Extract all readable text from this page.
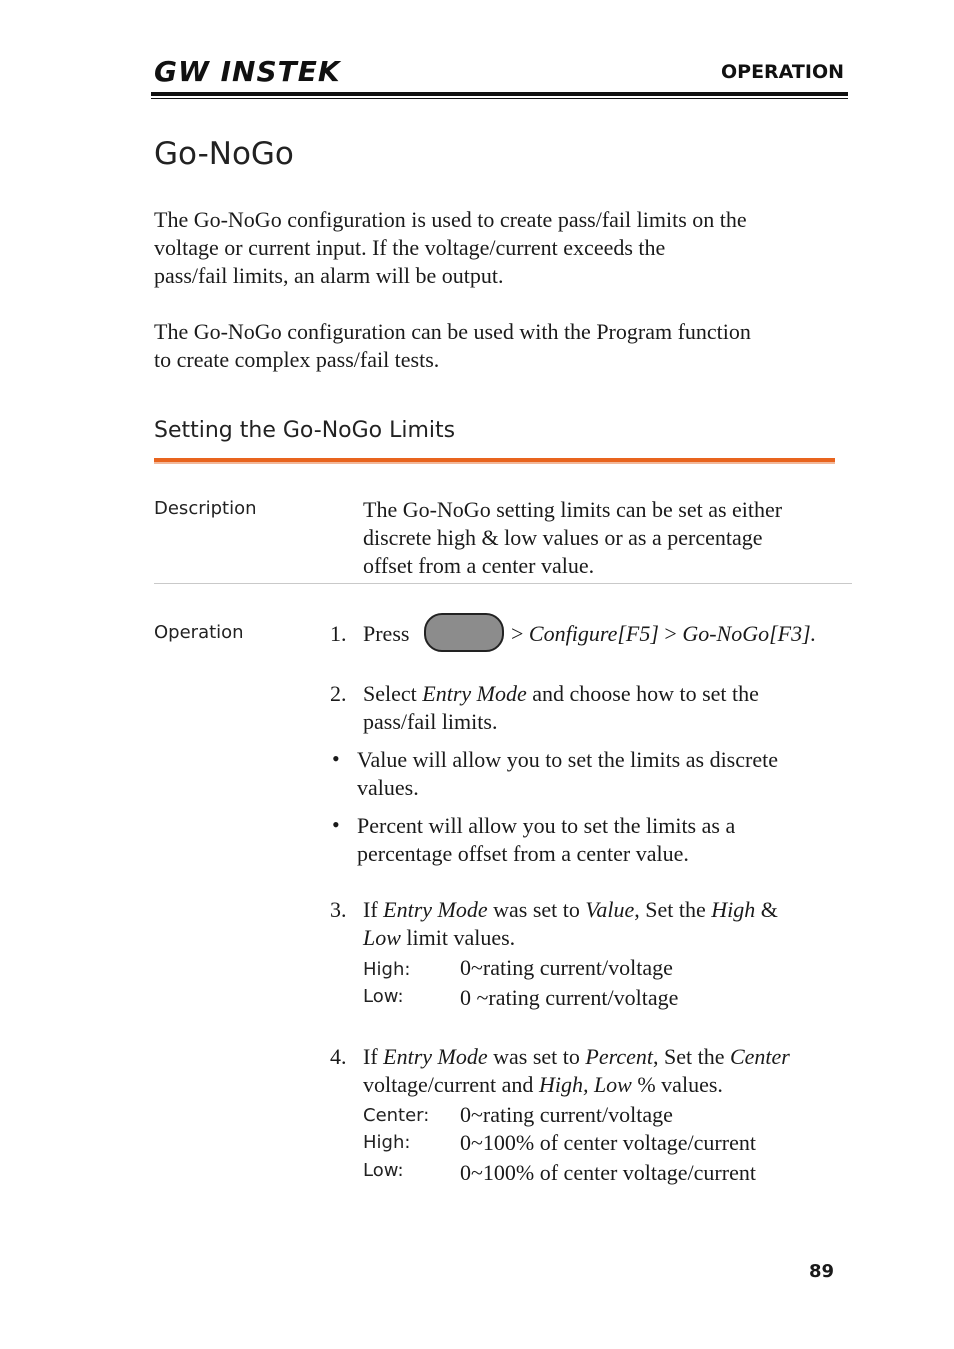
GW INSTEK	OPERATION
Go-NoGo
The Go-NoGo configuration is used to create pass/fail limits on the
voltage or current input. If the voltage/current exceeds the
pass/fail limits, an alarm will be output.
The Go-NoGo configuration can be used with the Program function
to create complex pass/fail tests.
Setting the Go-NoGo Limits
Description	The Go-NoGo setting limits can be set as either
discrete high & low values or as a percentage
offset from a center value.
Operation	1. Press	> Configure[F5] > Go-NoGo[F3].
2. Select Entry Mode and choose how to set the
pass/fail limits.
• Value will allow you to set the limits as discrete
values.
• Percent will allow you to set the limits as a
percentage offset from a center value.
3. If Entry Mode was set to Value, Set the High &
Low limit values.
High: 0~rating current/voltage
Low:	0 ~rating current/voltage
4. If Entry Mode was set to Percent, Set the Center
voltage/current and High, Low % values.
Center: 0~rating current/voltage
High: 0~100% of center voltage/current
Low:	0~100% of center voltage/current
89
